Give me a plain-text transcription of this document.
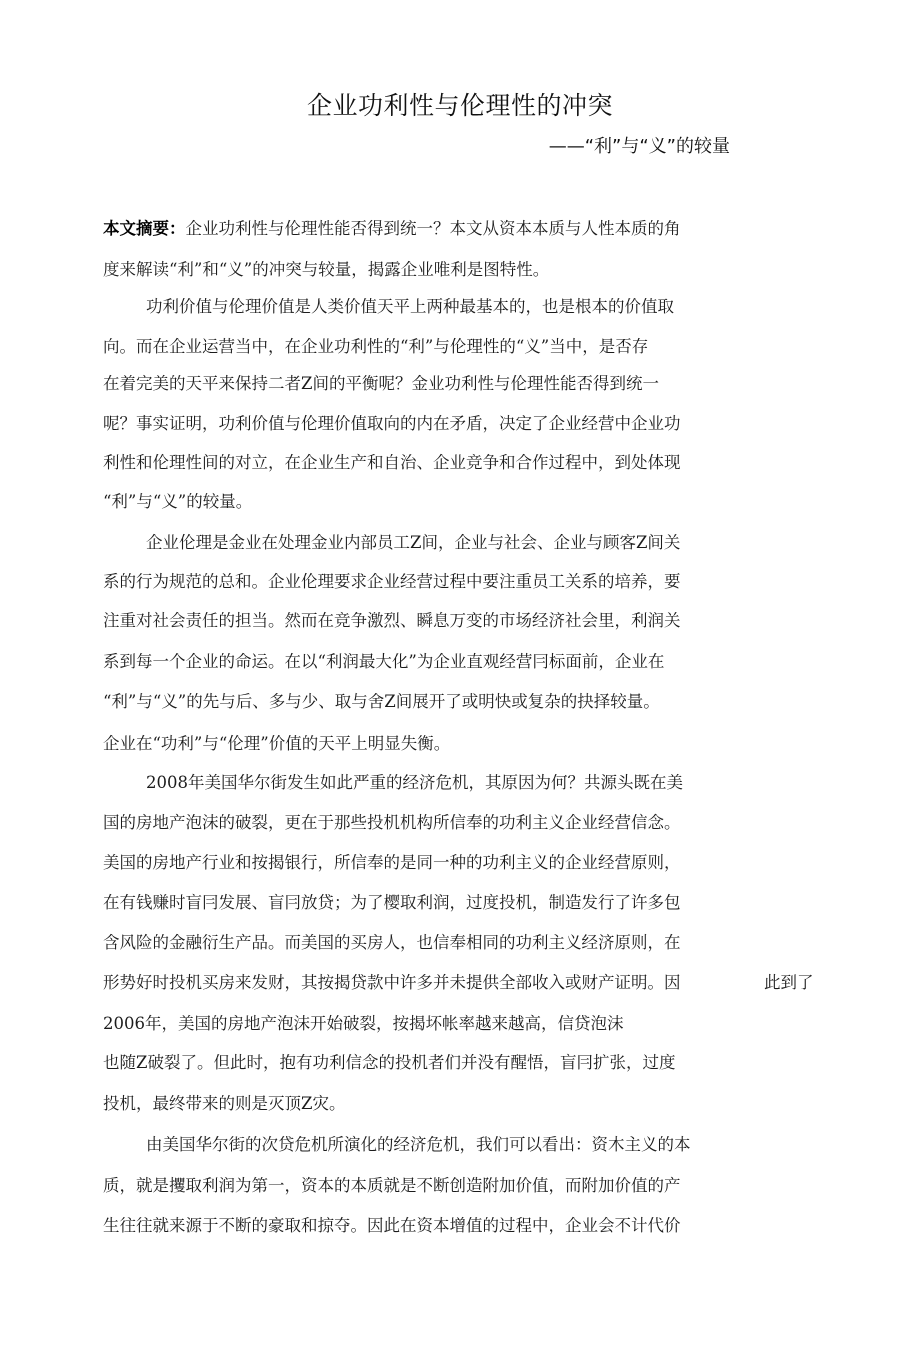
企业功利性与伦理性的冲突
——“利”与“义”的较量
本文摘要：企业功利性与伦理性能否得到统一？本文从资本本质与人性本质的角
度来解读“利”和“义”的冲突与较量，揭露企业唯利是图特性。
功利价值与伦理价值是人类价值天平上两种最基本的，也是根本的价值取
向。而在企业运营当中，在企业功利性的“利”与伦理性的“义”当中，是否存
在着完美的天平来保持二者Z间的平衡呢？金业功利性与伦理性能否得到统一
呢？事实证明，功利价值与伦理价值取向的内在矛盾，决定了企业经营中企业功
利性和伦理性间的对立，在企业生产和自治、企业竞争和合作过程中，到处体现
“利”与“义”的较量。
企业伦理是金业在处理金业内部员工Z间，企业与社会、企业与顾客Z间关
系的行为规范的总和。企业伦理要求企业经营过程中要注重员工关系的培养，要
注重对社会责任的担当。然而在竞争激烈、瞬息万变的市场经济社会里，利润关
系到每一个企业的命运。在以“利润最大化”为企业直观经营冃标面前，企业在
“利”与“义”的先与后、多与少、取与舍Z间展开了或明快或复杂的抉择较量。
企业在“功利”与“伦理”价值的天平上明显失衡。
2008年美国华尔街发生如此严重的经济危机，其原因为何？共源头既在美
国的房地产泡沫的破裂，更在于那些投机机构所信奉的功利主义企业经营信念。
美国的房地产行业和按揭银行，所信奉的是同一种的功利主义的企业经营原则，
在有钱赚时盲冃发展、盲冃放贷；为了樱取利润，过度投机，制造发行了许多包
含风险的金融衍生产品。而美国的买房人，也信奉相同的功利主义经济原则，在
形势好时投机买房来发财，其按揭贷款中许多并未提供全部收入或财产证明。因	此到了
2006年，美国的房地产泡沫开始破裂，按揭坏帐率越来越高，信贷泡沫
也随Z破裂了。但此时，抱有功利信念的投机者们并没有醒悟，盲冃扩张，过度
投机，最终带来的则是灭顶Z灾。
由美国华尔街的次贷危机所演化的经济危机，我们可以看出：资木主义的本
质，就是攫取利润为第一，资本的本质就是不断创造附加价值，而附加价值的产
生往往就来源于不断的豪取和掠夺。因此在资本增值的过程中，企业会不计代价
